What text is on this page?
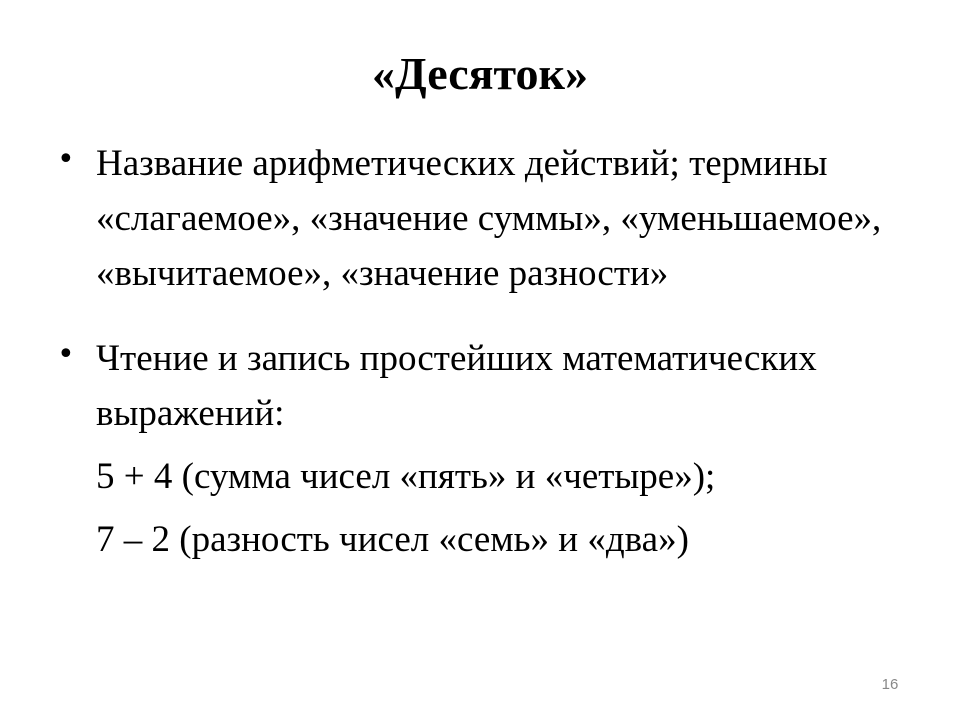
«Десяток»
• Название арифметических действий; термины «слагаемое», «значение суммы», «уменьшаемое», «вычитаемое», «значение разности»
• Чтение и запись простейших математических выражений:
5 + 4 (сумма чисел «пять» и «четыре»);
7 – 2 (разность чисел «семь» и «два»)
16
